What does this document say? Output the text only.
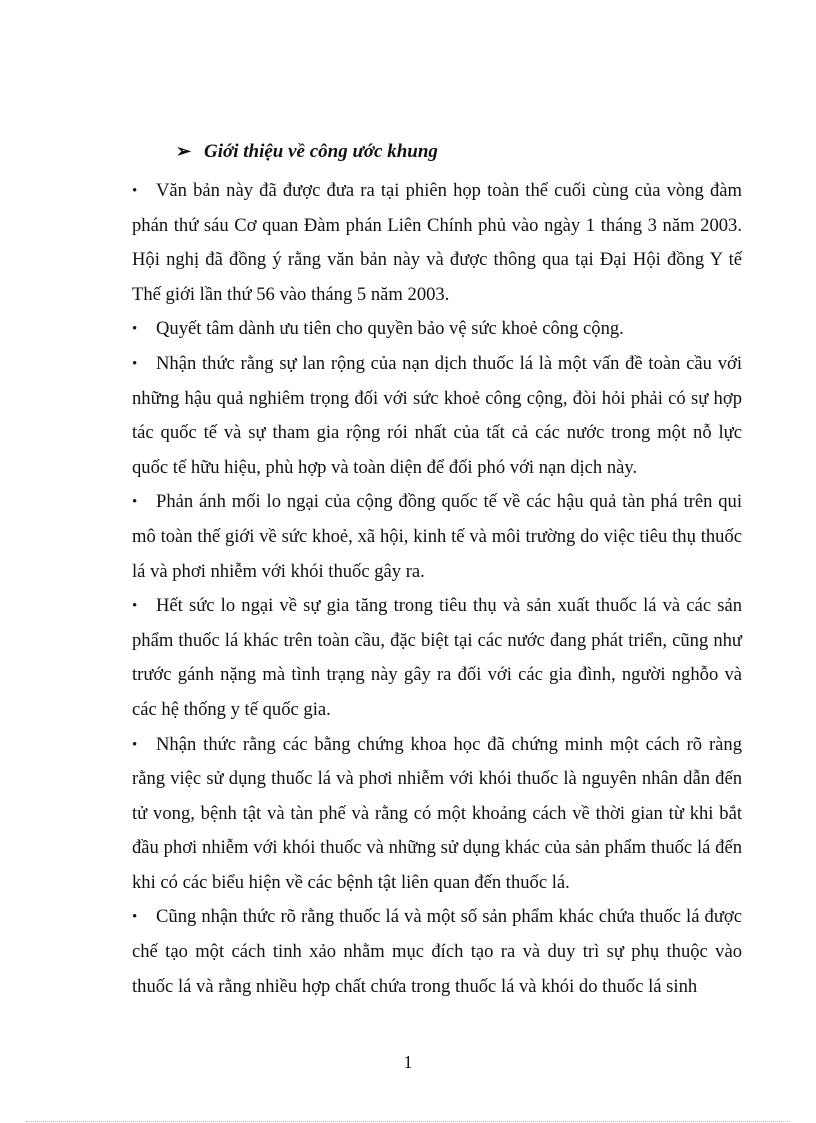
➢ Giới thiệu về công ước khung

• Văn bản này đã được đưa ra tại phiên họp toàn thể cuối cùng của vòng đàm phán thứ sáu Cơ quan Đàm phán Liên Chính phủ vào ngày 1 tháng 3 năm 2003. Hội nghị đã đồng ý rằng văn bản này và được thông qua tại Đại Hội đồng Y tế Thế giới lần thứ 56 vào tháng 5 năm 2003.

• Quyết tâm dành ưu tiên cho quyền bảo vệ sức khoẻ công cộng.

• Nhận thức rằng sự lan rộng của nạn dịch thuốc lá là một vấn đề toàn cầu với những hậu quả nghiêm trọng đối với sức khoẻ công cộng, đòi hỏi phải có sự hợp tác quốc tế và sự tham gia rộng rói nhất của tất cả các nước trong một nỗ lực quốc tế hữu hiệu, phù hợp và toàn diện để đối phó với nạn dịch này.

• Phản ánh mối lo ngại của cộng đồng quốc tế về các hậu quả tàn phá trên qui mô toàn thế giới về sức khoẻ, xã hội, kinh tế và môi trường do việc tiêu thụ thuốc lá và phơi nhiễm với khói thuốc gây ra.

• Hết sức lo ngại về sự gia tăng trong tiêu thụ và sản xuất thuốc lá và các sản phẩm thuốc lá khác trên toàn cầu, đặc biệt tại các nước đang phát triển, cũng như trước gánh nặng mà tình trạng này gây ra đối với các gia đình, người nghỗo và các hệ thống y tế quốc gia.

• Nhận thức rằng các bằng chứng khoa học đã chứng minh một cách rõ ràng rằng việc sử dụng thuốc lá và phơi nhiễm với khói thuốc là nguyên nhân dẫn đến tử vong, bệnh tật và tàn phế và rằng có một khoảng cách về thời gian từ khi bắt đầu phơi nhiễm với khói thuốc và những sử dụng khác của sản phẩm thuốc lá đến khi có các biểu hiện về các bệnh tật liên quan đến thuốc lá.

• Cũng nhận thức rõ rằng thuốc lá và một số sản phẩm khác chứa thuốc lá được chế tạo một cách tinh xảo nhằm mục đích tạo ra và duy trì sự phụ thuộc vào thuốc lá và rằng nhiều hợp chất chứa trong thuốc lá và khói do thuốc lá sinh

1
